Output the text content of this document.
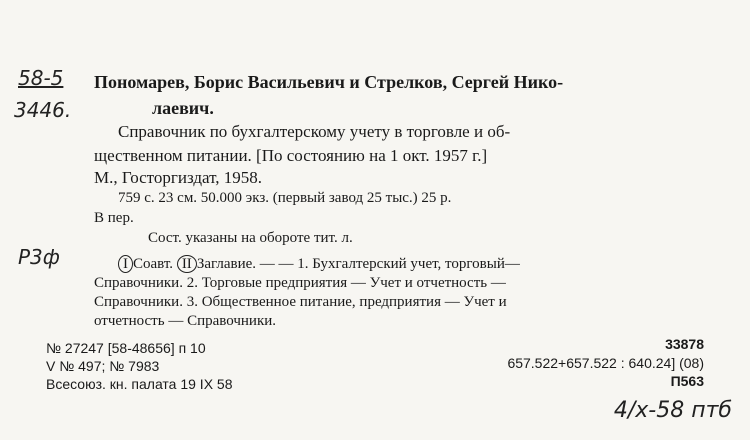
58-5
3446.
Р3ф
Пономарев, Борис Васильевич и Стрелков, Сергей Нико-
лаевич.
Справочник по бухгалтерскому учету в торговле и об-
щественном питании. [По состоянию на 1 окт. 1957 г.]
М., Госторгиздат, 1958.
759 с. 23 см. 50.000 экз. (первый завод 25 тыс.) 25 р.
В пер.
Сост. указаны на обороте тит. л.
I Соавт. II Заглавие. — — 1. Бухгалтерский учет, торговый—
Справочники. 2. Торговые предприятия — Учет и отчетность —
Справочники. 3. Общественное питание, предприятия — Учет и
отчетность — Справочники.
№ 27247 [58-48656] п 10
V № 497; № 7983
Всесоюз. кн. палата 19 IX 58
33878
657.522+657.522 : 640.24] (08)
П563
4/х-58 птб
